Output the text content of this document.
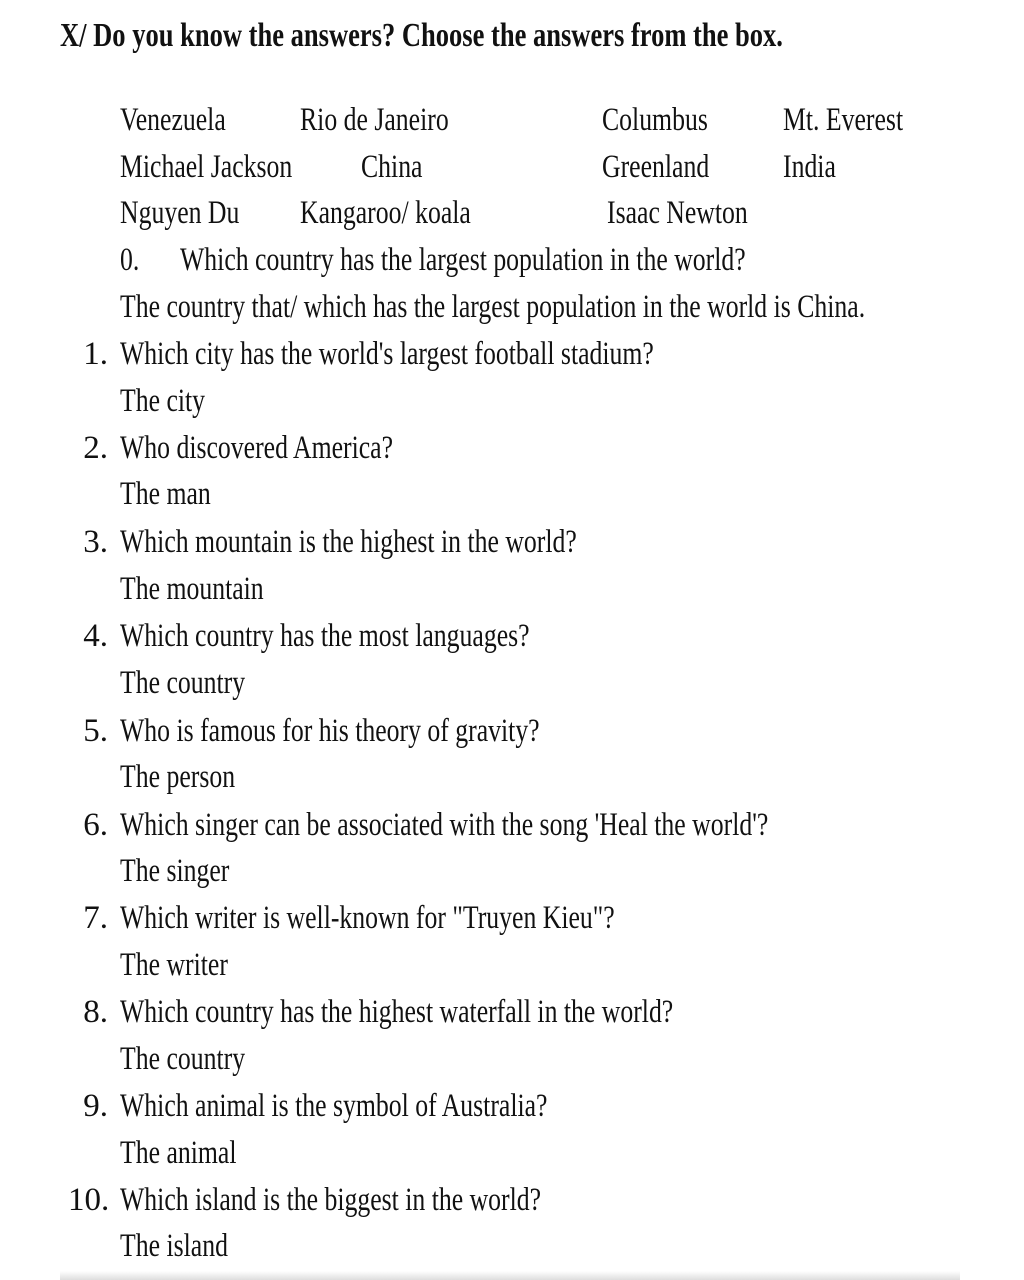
X/ Do you know the answers? Choose the answers from the box.
Venezuela
Michael Jackson
Nguyen Du
Rio de Janeiro
China
Kangaroo/ koala
Columbus
Greenland
Isaac Newton
Mt. Everest
India
0. Which country has the largest population in the world?
The country that/ which has the largest population in the world is China.
1. Which city has the world's largest football stadium?
The city
2. Who discovered America?
The man
3. Which mountain is the highest in the world?
The mountain
4. Which country has the most languages?
The country
5. Who is famous for his theory of gravity?
The person
6. Which singer can be associated with the song 'Heal the world'?
The singer
7. Which writer is well-known for "Truyen Kieu"?
The writer
8. Which country has the highest waterfall in the world?
The country
9. Which animal is the symbol of Australia?
The animal
10. Which island is the biggest in the world?
The island
